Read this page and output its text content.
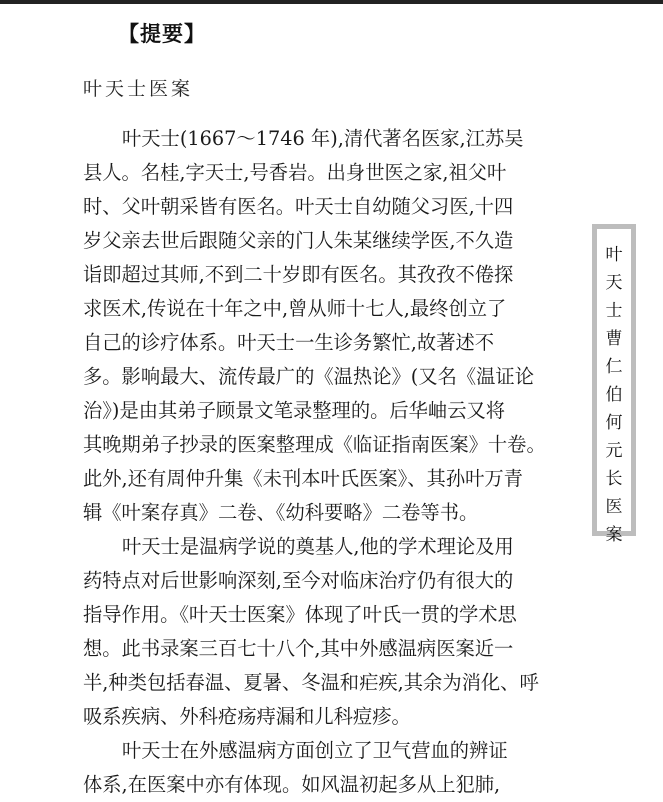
【提要】
叶天士医案
叶天士(1667～1746 年),清代著名医家,江苏吴
县人。名桂,字天士,号香岩。出身世医之家,祖父叶
时、父叶朝采皆有医名。叶天士自幼随父习医,十四
岁父亲去世后跟随父亲的门人朱某继续学医,不久造
诣即超过其师,不到二十岁即有医名。其孜孜不倦探
求医术,传说在十年之中,曾从师十七人,最终创立了
自己的诊疗体系。叶天士一生诊务繁忙,故著述不
多。影响最大、流传最广的《温热论》(又名《温证论
治》)是由其弟子顾景文笔录整理的。后华岫云又将
其晚期弟子抄录的医案整理成《临证指南医案》十卷。
此外,还有周仲升集《未刊本叶氏医案》、其孙叶万青
辑《叶案存真》二卷、《幼科要略》二卷等书。
叶天士是温病学说的奠基人,他的学术理论及用
药特点对后世影响深刻,至今对临床治疗仍有很大的
指导作用。《叶天士医案》体现了叶氏一贯的学术思
想。此书录案三百七十八个,其中外感温病医案近一
半,种类包括春温、夏暑、冬温和疟疾,其余为消化、呼
吸系疾病、外科疮疡痔漏和儿科痘疹。
叶天士在外感温病方面创立了卫气营血的辨证
体系,在医案中亦有体现。如风温初起多从上犯肺,
叶
天
士
曹
仁
伯
何
元
长
医
案
